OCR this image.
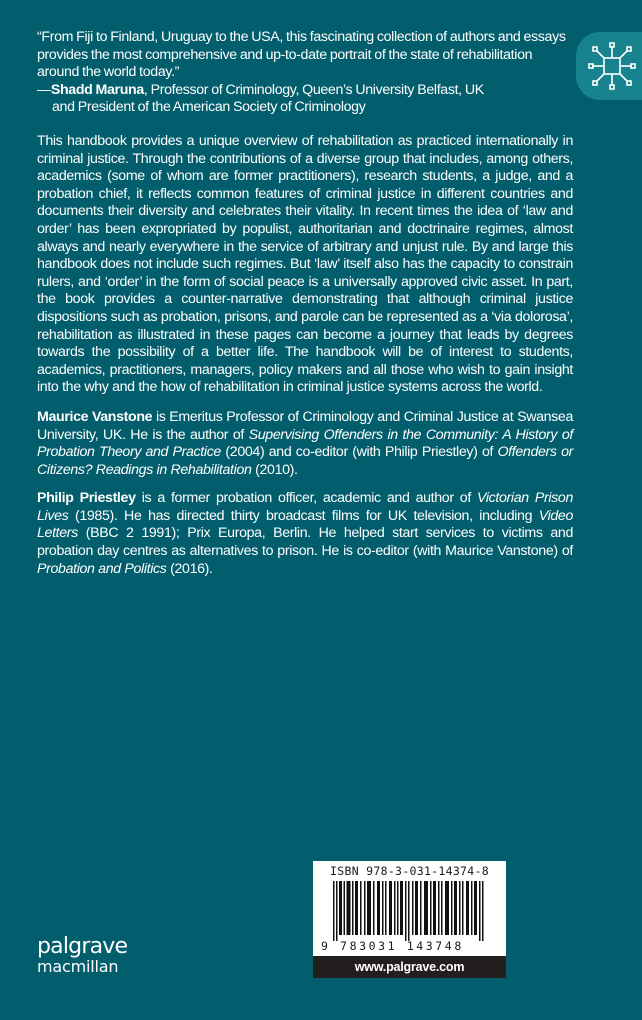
“From Fiji to Finland, Uruguay to the USA, this fascinating collection of authors and essays provides the most comprehensive and up-to-date portrait of the state of rehabilitation around the world today.”
—Shadd Maruna, Professor of Criminology, Queen’s University Belfast, UK
and President of the American Society of Criminology

This handbook provides a unique overview of rehabilitation as practiced internationally in criminal justice. Through the contributions of a diverse group that includes, among others, academics (some of whom are former practitioners), research students, a judge, and a probation chief, it reflects common features of criminal justice in different countries and documents their diversity and celebrates their vitality. In recent times the idea of ‘law and order’ has been expropriated by populist, authoritarian and doctrinaire regimes, almost always and nearly everywhere in the service of arbitrary and unjust rule. By and large this handbook does not include such regimes. But ‘law’ itself also has the capacity to constrain rulers, and ‘order’ in the form of social peace is a universally approved civic asset. In part, the book provides a counter-narrative demonstrating that although criminal justice dispositions such as probation, prisons, and parole can be represented as a ‘via dolorosa’, rehabilitation as illustrated in these pages can become a journey that leads by degrees towards the possibility of a better life. The handbook will be of interest to students, academics, practitioners, managers, policy makers and all those who wish to gain insight into the why and the how of rehabilitation in criminal justice systems across the world.

Maurice Vanstone is Emeritus Professor of Criminology and Criminal Justice at Swansea University, UK. He is the author of Supervising Offenders in the Community: A History of Probation Theory and Practice (2004) and co-editor (with Philip Priestley) of Offenders or Citizens? Readings in Rehabilitation (2010).

Philip Priestley is a former probation officer, academic and author of Victorian Prison Lives (1985). He has directed thirty broadcast films for UK television, including Video Letters (BBC 2 1991); Prix Europa, Berlin. He helped start services to victims and probation day centres as alternatives to prison. He is co-editor (with Maurice Vanstone) of Probation and Politics (2016).

ISBN 978-3-031-14374-8
9 783031 143748
www.palgrave.com
palgrave
macmillan
